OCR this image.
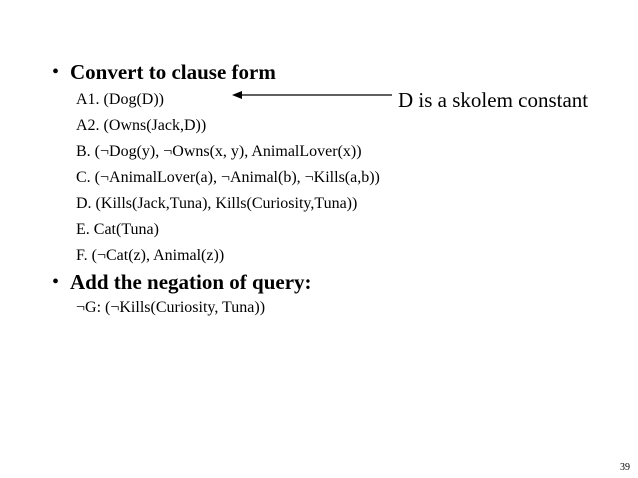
• Convert to clause form
A1. (Dog(D))
A2. (Owns(Jack,D))
B. (¬Dog(y), ¬Owns(x, y), AnimalLover(x))
C. (¬AnimalLover(a), ¬Animal(b), ¬Kills(a,b))
D. (Kills(Jack,Tuna), Kills(Curiosity,Tuna))
E. Cat(Tuna)
F. (¬Cat(z), Animal(z))
D is a skolem constant
• Add the negation of query:
¬G: (¬Kills(Curiosity, Tuna))
39
